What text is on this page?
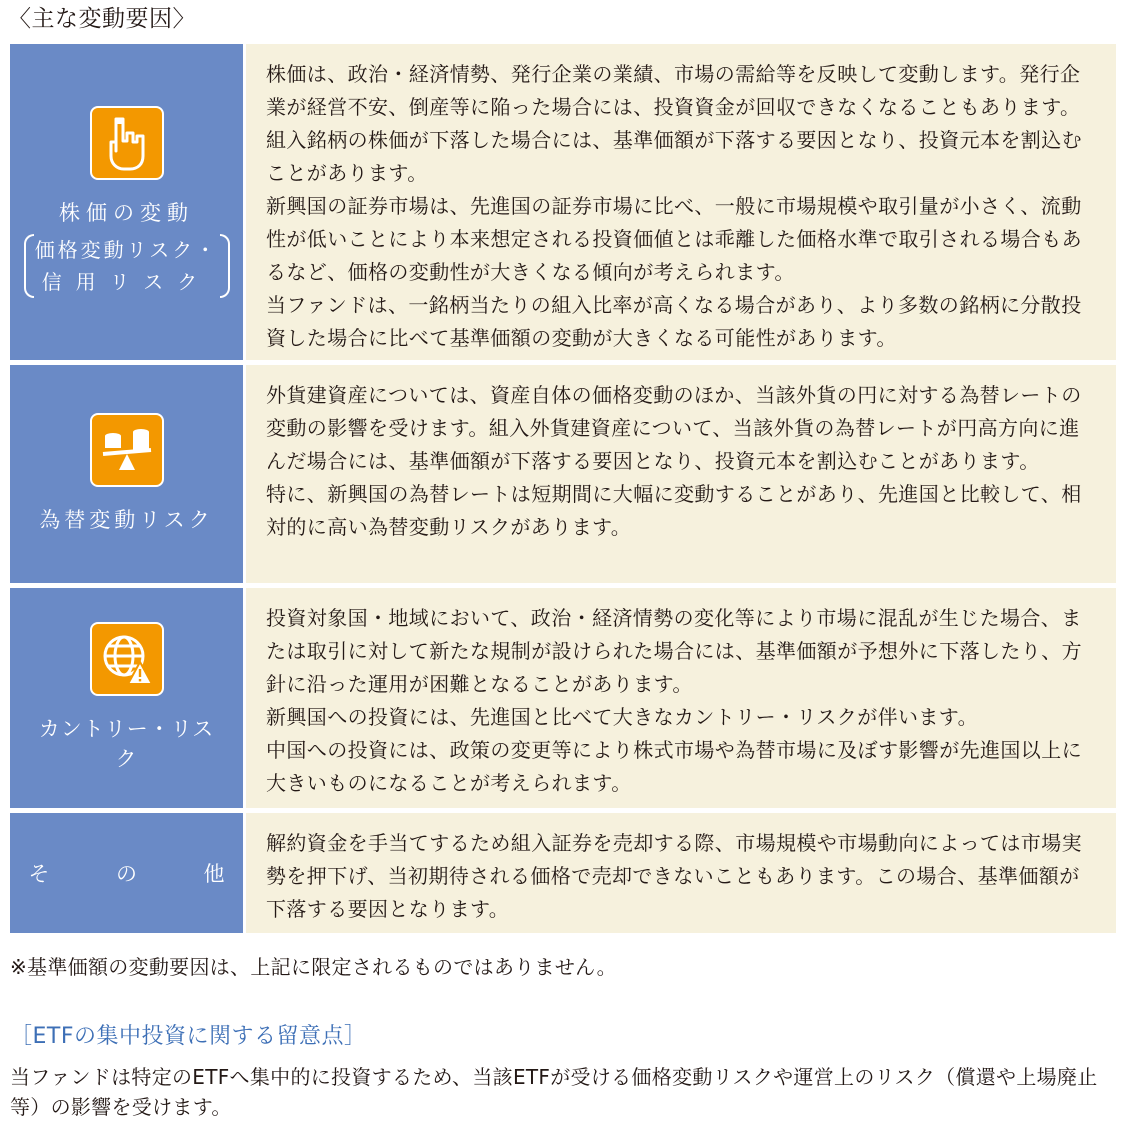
〈主な変動要因〉
株価の変動
価格変動リスク・
信用リスク

株価は、政治・経済情勢、発行企業の業績、市場の需給等を反映して変動します。発行企業が経営不安、倒産等に陥った場合には、投資資金が回収できなくなることもあります。組入銘柄の株価が下落した場合には、基準価額が下落する要因となり、投資元本を割込むことがあります。

新興国の証券市場は、先進国の証券市場に比べ、一般に市場規模や取引量が小さく、流動性が低いことにより本来想定される投資価値とは乖離した価格水準で取引される場合もあるなど、価格の変動性が大きくなる傾向が考えられます。

当ファンドは、一銘柄当たりの組入比率が高くなる場合があり、より多数の銘柄に分散投資した場合に比べて基準価額の変動が大きくなる可能性があります。

為替変動リスク

外貨建資産については、資産自体の価格変動のほか、当該外貨の円に対する為替レートの変動の影響を受けます。組入外貨建資産について、当該外貨の為替レートが円高方向に進んだ場合には、基準価額が下落する要因となり、投資元本を割込むことがあります。

特に、新興国の為替レートは短期間に大幅に変動することがあり、先進国と比較して、相対的に高い為替変動リスクがあります。

カントリー・リスク

投資対象国・地域において、政治・経済情勢の変化等により市場に混乱が生じた場合、または取引に対して新たな規制が設けられた場合には、基準価額が予想外に下落したり、方針に沿った運用が困難となることがあります。

新興国への投資には、先進国と比べて大きなカントリー・リスクが伴います。

中国への投資には、政策の変更等により株式市場や為替市場に及ぼす影響が先進国以上に大きいものになることが考えられます。

そ	の	他

解約資金を手当てするため組入証券を売却する際、市場規模や市場動向によっては市場実勢を押下げ、当初期待される価格で売却できないこともあります。この場合、基準価額が下落する要因となります。

※基準価額の変動要因は、上記に限定されるものではありません。
［ETFの集中投資に関する留意点］
当ファンドは特定のETFへ集中的に投資するため、当該ETFが受ける価格変動リスクや運営上のリスク（償還や上場廃止等）の影響を受けます。
